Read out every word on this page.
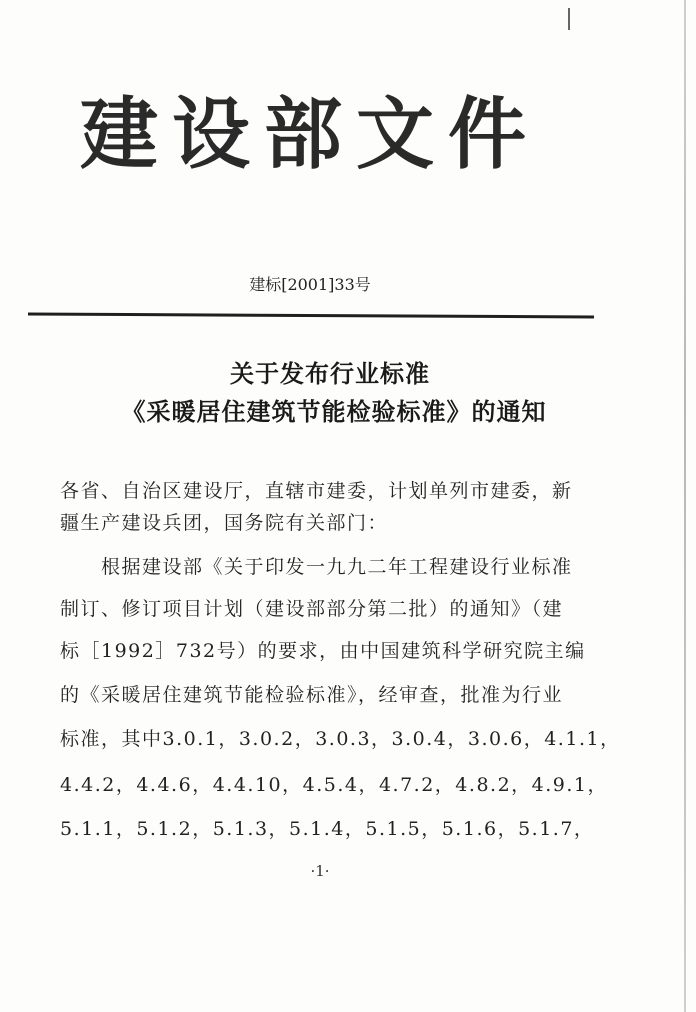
建设部文件
建标[2001]33号
关于发布行业标准
《采暖居住建筑节能检验标准》的通知
各省、自治区建设厅，直辖市建委，计划单列市建委，新
疆生产建设兵团，国务院有关部门：
　　根据建设部《关于印发一九九二年工程建设行业标准
制订、修订项目计划（建设部部分第二批）的通知》（建
标［1992］732号）的要求，由中国建筑科学研究院主编
的《采暖居住建筑节能检验标准》，经审查，批准为行业
标准，其中3.0.1，3.0.2，3.0.3，3.0.4，3.0.6，4.1.1，
4.4.2，4.4.6，4.4.10，4.5.4，4.7.2，4.8.2，4.9.1，
5.1.1，5.1.2，5.1.3，5.1.4，5.1.5，5.1.6，5.1.7，
·1·
